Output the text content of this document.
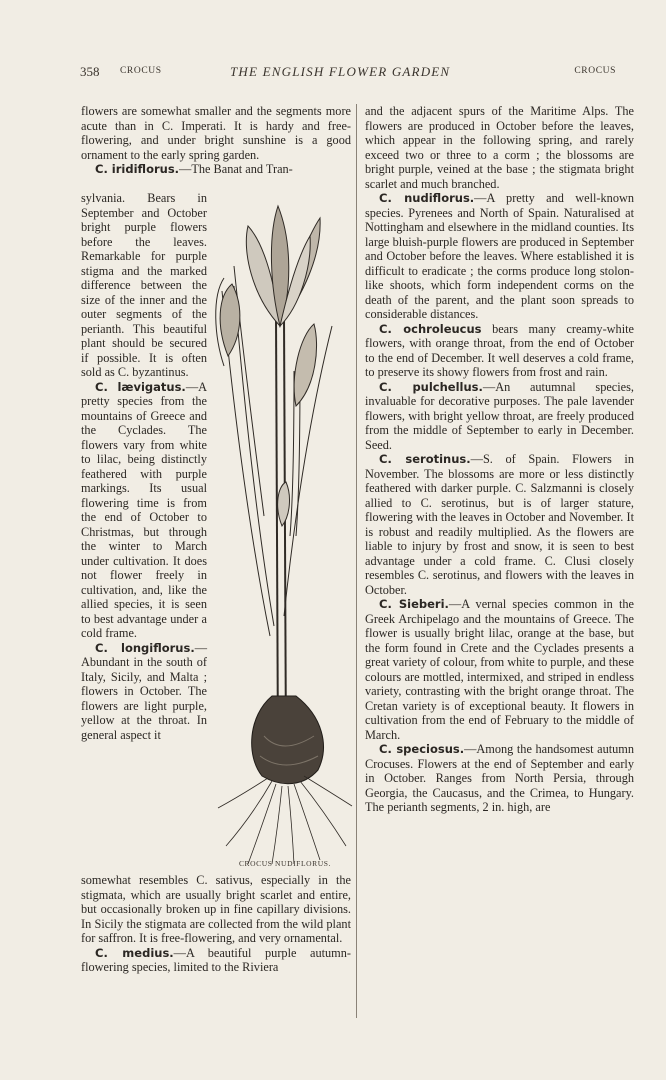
358 CROCUS	THE ENGLISH FLOWER GARDEN	CROCUS

flowers are somewhat smaller and the segments more acute than in C. Imperati. It is hardy and free-flowering, and under bright sunshine is a good ornament to the early spring garden.

C. iridiflorus.—The Banat and Tran-

sylvania. Bears in September and October bright purple flowers before the leaves. Remarkable for purple stigma and the marked difference between the size of the inner and the outer segments of the perianth. This beautiful plant should be secured if possible. It is often sold as C. byzantinus.

C. lævigatus.—A pretty species from the mountains of Greece and the Cyclades. The flowers vary from white to lilac, being distinctly feathered with purple markings. Its usual flowering time is from the end of October to Christmas, but through the winter to March under cultivation. It does not flower freely in cultivation, and, like the allied species, it is seen to best advantage under a cold frame.

C. longiflorus.—Abundant in the south of Italy, Sicily, and Malta ; flowers in October. The flowers are light purple, yellow at the throat. In general aspect it

CROCUS NUDIFLORUS.

somewhat resembles C. sativus, especially in the stigmata, which are usually bright scarlet and entire, but occasionally broken up in fine capillary divisions. In Sicily the stigmata are collected from the wild plant for saffron. It is free-flowering, and very ornamental.

C. medius.—A beautiful purple autumn-flowering species, limited to the Riviera

and the adjacent spurs of the Maritime Alps. The flowers are produced in October before the leaves, which appear in the following spring, and rarely exceed two or three to a corm ; the blossoms are bright purple, veined at the base ; the stigmata bright scarlet and much branched.

C. nudiflorus.—A pretty and well-known species. Pyrenees and North of Spain. Naturalised at Nottingham and elsewhere in the midland counties. Its large bluish-purple flowers are produced in September and October before the leaves. Where established it is difficult to eradicate ; the corms produce long stolon-like shoots, which form independent corms on the death of the parent, and the plant soon spreads to considerable distances.

C. ochroleucus bears many creamy-white flowers, with orange throat, from the end of October to the end of December. It well deserves a cold frame, to preserve its showy flowers from frost and rain.

C. pulchellus.—An autumnal species, invaluable for decorative purposes. The pale lavender flowers, with bright yellow throat, are freely produced from the middle of September to early in December. Seed.

C. serotinus.—S. of Spain. Flowers in November. The blossoms are more or less distinctly feathered with darker purple. C. Salzmanni is closely allied to C. serotinus, but is of larger stature, flowering with the leaves in October and November. It is robust and readily multiplied. As the flowers are liable to injury by frost and snow, it is seen to best advantage under a cold frame. C. Clusi closely resembles C. serotinus, and flowers with the leaves in October.

C. Sieberi.—A vernal species common in the Greek Archipelago and the mountains of Greece. The flower is usually bright lilac, orange at the base, but the form found in Crete and the Cyclades presents a great variety of colour, from white to purple, and these colours are mottled, intermixed, and striped in endless variety, contrasting with the bright orange throat. The Cretan variety is of exceptional beauty. It flowers in cultivation from the end of February to the middle of March.

C. speciosus.—Among the handsomest autumn Crocuses. Flowers at the end of September and early in October. Ranges from North Persia, through Georgia, the Caucasus, and the Crimea, to Hungary. The perianth segments, 2 in. high, are
